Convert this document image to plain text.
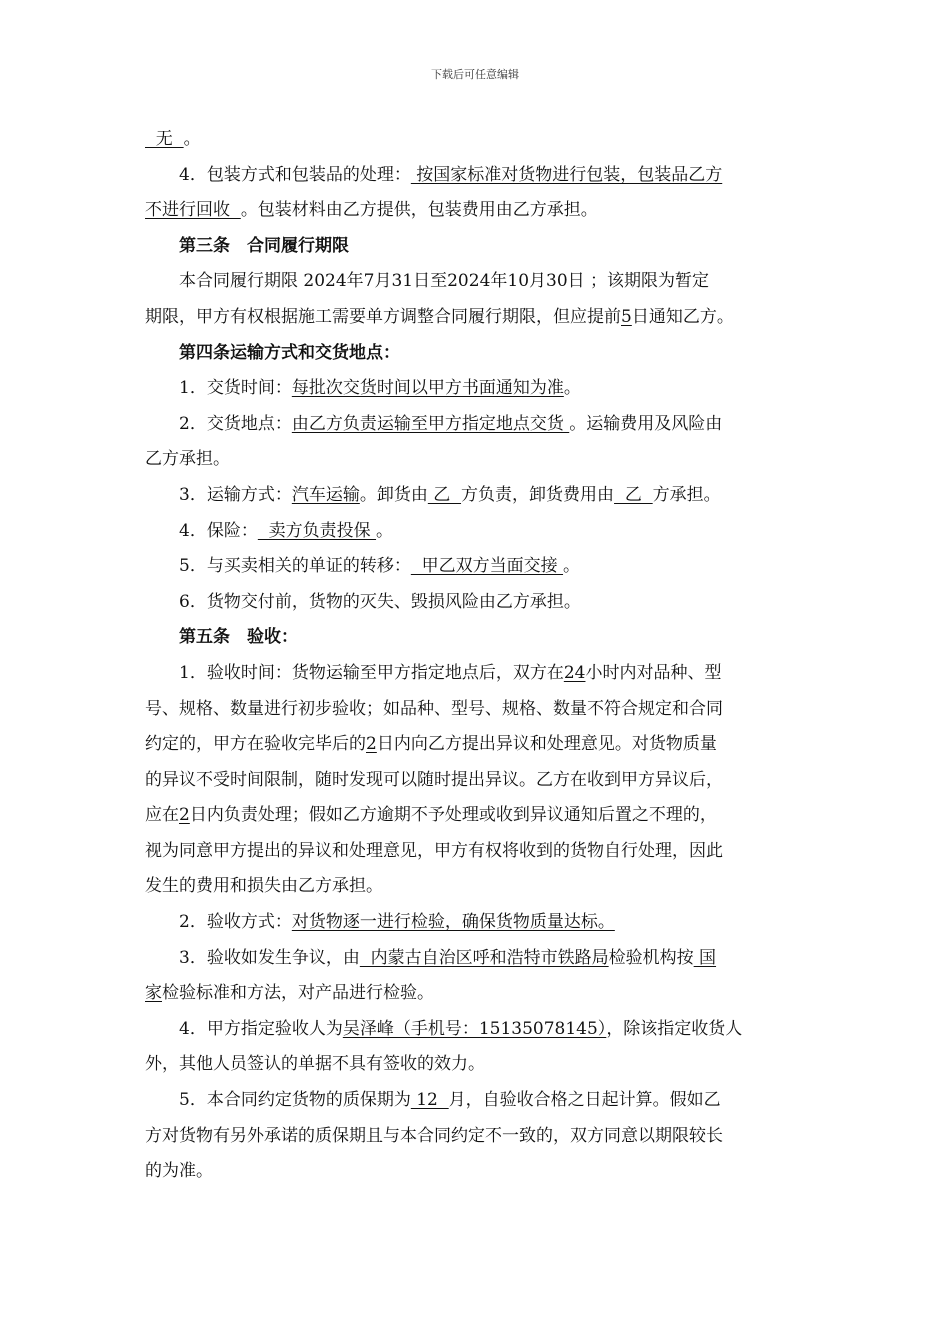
下载后可任意编辑
无  。
4．包装方式和包装品的处理： 按国家标准对货物进行包装，包装品乙方
不进行回收  。包装材料由乙方提供，包装费用由乙方承担。
第三条　合同履行期限
本合同履行期限 2024年7月31日至2024年10月30日 ；该期限为暂定
期限，甲方有权根据施工需要单方调整合同履行期限，但应提前5日通知乙方。
第四条运输方式和交货地点：
1．交货时间：每批次交货时间以甲方书面通知为准。
2．交货地点：由乙方负责运输至甲方指定地点交货 。运输费用及风险由
乙方承担。
3．运输方式：汽车运输。卸货由 乙  方负责，卸货费用由  乙  方承担。
4．保险：  卖方负责投保 。
5．与买卖相关的单证的转移：  甲乙双方当面交接 。
6．货物交付前，货物的灭失、毁损风险由乙方承担。
第五条　验收：
1．验收时间：货物运输至甲方指定地点后，双方在24小时内对品种、型
号、规格、数量进行初步验收；如品种、型号、规格、数量不符合规定和合同
约定的，甲方在验收完毕后的2日内向乙方提出异议和处理意见。对货物质量
的异议不受时间限制，随时发现可以随时提出异议。乙方在收到甲方异议后，
应在2日内负责处理；假如乙方逾期不予处理或收到异议通知后置之不理的，
视为同意甲方提出的异议和处理意见，甲方有权将收到的货物自行处理，因此
发生的费用和损失由乙方承担。
2．验收方式：对货物逐一进行检验，确保货物质量达标。
3．验收如发生争议，由  内蒙古自治区呼和浩特市铁路局检验机构按 国
家检验标准和方法，对产品进行检验。
4．甲方指定验收人为吴泽峰（手机号：15135078145），除该指定收货人
外，其他人员签认的单据不具有签收的效力。
5．本合同约定货物的质保期为 12  月，自验收合格之日起计算。假如乙
方对货物有另外承诺的质保期且与本合同约定不一致的，双方同意以期限较长
的为准。
